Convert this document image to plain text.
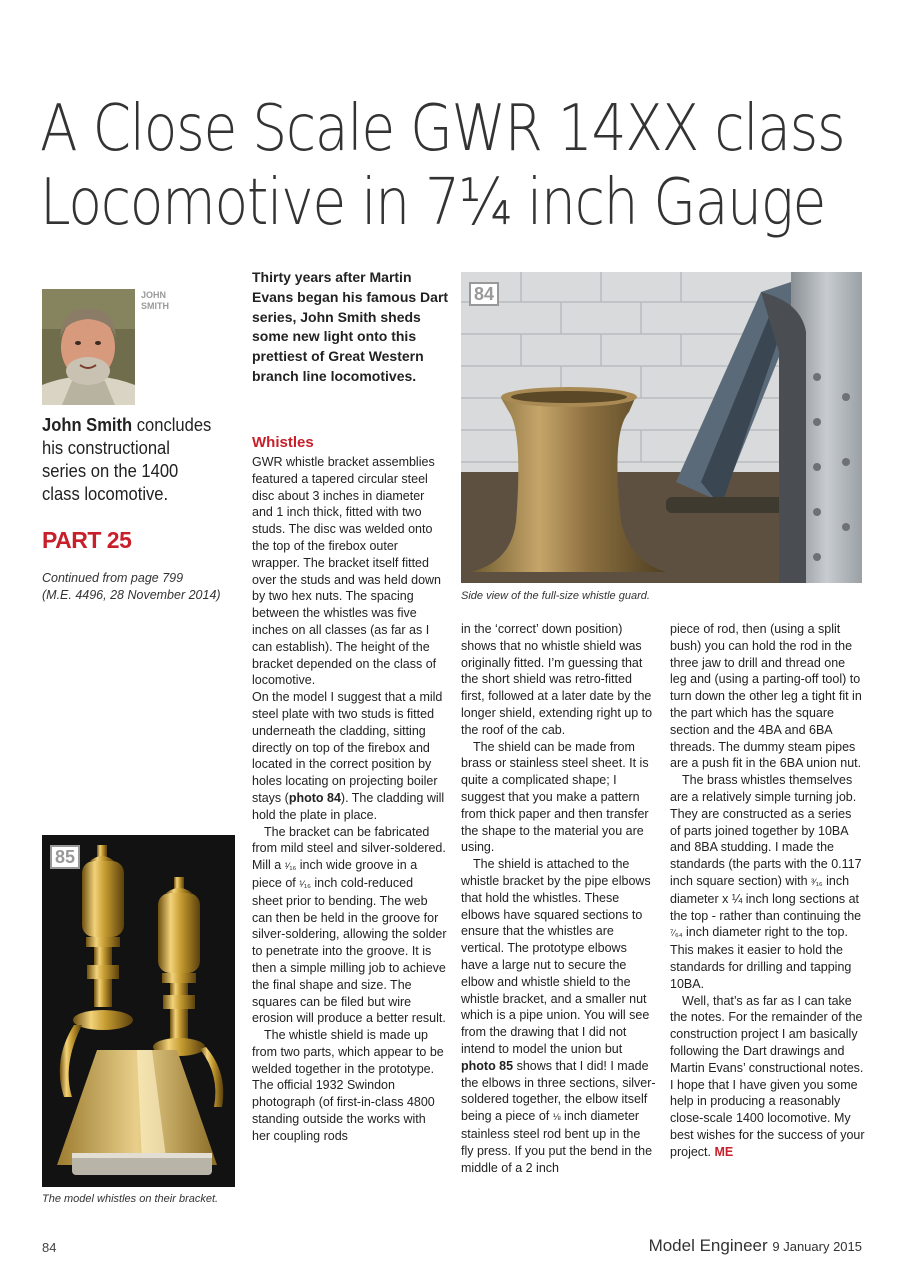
A Close Scale GWR 14XX class
Locomotive in 7¼ inch Gauge
JOHN
SMITH
John Smith concludes his constructional series on the 1400 class locomotive.
PART 25
Continued from page 799
(M.E. 4496, 28 November 2014)
Thirty years after Martin Evans began his famous Dart series, John Smith sheds some new light onto this prettiest of Great Western branch line locomotives.
Whistles

GWR whistle bracket assemblies featured a tapered circular steel disc about 3 inches in diameter and 1 inch thick, fitted with two studs. The disc was welded onto the top of the firebox outer wrapper. The bracket itself fitted over the studs and was held down by two hex nuts. The spacing between the whistles was five inches on all classes (as far as I can establish). The height of the bracket depended on the class of locomotive.

On the model I suggest that a mild steel plate with two studs is fitted underneath the cladding, sitting directly on top of the firebox and located in the correct position by holes locating on projecting boiler stays (photo 84). The cladding will hold the plate in place.

The bracket can be fabricated from mild steel and silver-soldered. Mill a ¹⁄₁₆ inch wide groove in a piece of ¹⁄₁₆ inch cold-reduced sheet prior to bending. The web can then be held in the groove for silver-soldering, allowing the solder to penetrate into the groove. It is then a simple milling job to achieve the final shape and size. The squares can be filed but wire erosion will produce a better result.

The whistle shield is made up from two parts, which appear to be welded together in the prototype. The official 1932 Swindon photograph (of first-in-class 4800 standing outside the works with her coupling rods

84
Side view of the full-size whistle guard.

in the ‘correct’ down position) shows that no whistle shield was originally fitted. I’m guessing that the short shield was retro-fitted first, followed at a later date by the longer shield, extending right up to the roof of the cab.

The shield can be made from brass or stainless steel sheet. It is quite a complicated shape; I suggest that you make a pattern from thick paper and then transfer the shape to the material you are using.

The shield is attached to the whistle bracket by the pipe elbows that hold the whistles. These elbows have squared sections to ensure that the whistles are vertical. The prototype elbows have a large nut to secure the elbow and whistle shield to the whistle bracket, and a smaller nut which is a pipe union. You will see from the drawing that I did not intend to model the union but photo 85 shows that I did! I made the elbows in three sections, silver-soldered together, the elbow itself being a piece of ⅛ inch diameter stainless steel rod bent up in the fly press. If you put the bend in the middle of a 2 inch

piece of rod, then (using a split bush) you can hold the rod in the three jaw to drill and thread one leg and (using a parting-off tool) to turn down the other leg a tight fit in the part which has the square section and the 4BA and 6BA threads. The dummy steam pipes are a push fit in the 6BA union nut.

The brass whistles themselves are a relatively simple turning job. They are constructed as a series of parts joined together by 10BA and 8BA studding. I made the standards (the parts with the 0.117 inch square section) with ³⁄₁₆ inch diameter x ¼ inch long sections at the top - rather than continuing the ⁷⁄₆₄ inch diameter right to the top. This makes it easier to hold the standards for drilling and tapping 10BA.

Well, that’s as far as I can take the notes. For the remainder of the construction project I am basically following the Dart drawings and Martin Evans’ constructional notes.

I hope that I have given you some help in producing a reasonably close-scale 1400 locomotive. My best wishes for the success of your project. ME

85
The model whistles on their bracket.
84	Model Engineer 9 January 2015
